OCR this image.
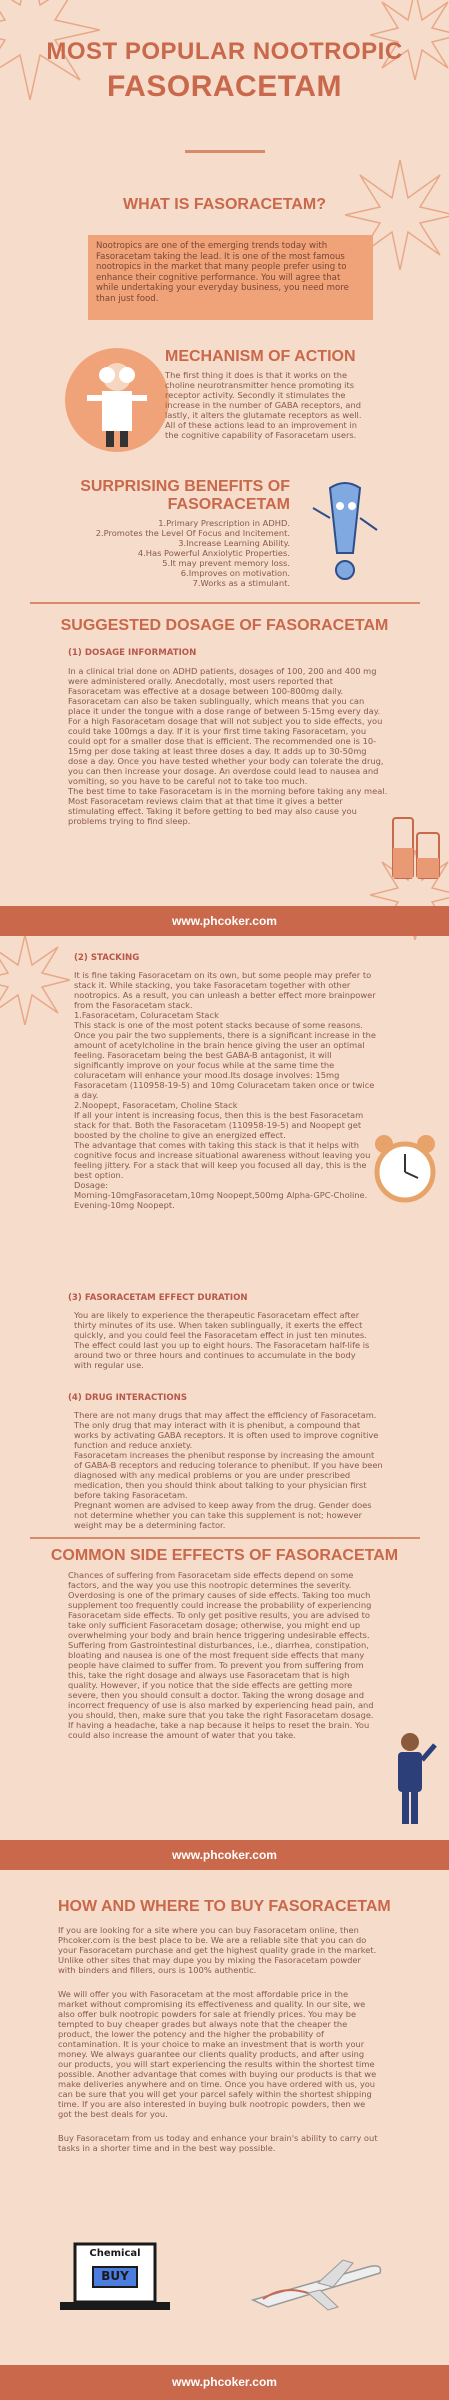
MOST POPULAR NOOTROPIC
FASORACETAM
WHAT IS FASORACETAM?
Nootropics are one of the emerging trends today with Fasoracetam taking the lead. It is one of the most famous nootropics in the market that many people prefer using to enhance their cognitive performance. You will agree that while undertaking your everyday business, you need more than just food.
MECHANISM OF ACTION
The first thing it does is that it works on the choline neurotransmitter hence promoting its receptor activity. Secondly it stimulates the increase in the number of GABA receptors, and lastly, it alters the glutamate receptors as well. All of these actions lead to an improvement in the cognitive capability of Fasoracetam users.
SURPRISING BENEFITS OF
FASORACETAM
1.Primary Prescription in ADHD.
2.Promotes the Level Of Focus and Incitement.
3.Increase Learning Ability.
4.Has Powerful Anxiolytic Properties.
5.It may prevent memory loss.
6.Improves on motivation.
7.Works as a stimulant.
SUGGESTED DOSAGE OF FASORACETAM
(1) DOSAGE INFORMATION

In a clinical trial done on ADHD patients, dosages of 100, 200 and 400 mg were administered orally. Anecdotally, most users reported that Fasoracetam was effective at a dosage between 100-800mg daily. Fasoracetam can also be taken sublingually, which means that you can place it under the tongue with a dose range of between 5-15mg every day.

For a high Fasoracetam dosage that will not subject you to side effects, you could take 100mgs a day. If it is your first time taking Fasoracetam, you could opt for a smaller dose that is efficient. The recommended one is 10-15mg per dose taking at least three doses a day. It adds up to 30-50mg dose a day. Once you have tested whether your body can tolerate the drug, you can then increase your dosage. An overdose could lead to nausea and vomiting, so you have to be careful not to take too much.

The best time to take Fasoracetam is in the morning before taking any meal. Most Fasoracetam reviews claim that at that time it gives a better stimulating effect. Taking it before getting to bed may also cause you problems trying to find sleep.

www.phcoker.com
(2) STACKING

It is fine taking Fasoracetam on its own, but some people may prefer to stack it. While stacking, you take Fasoracetam together with other nootropics. As a result, you can unleash a better effect more brainpower from the Fasoracetam stack.

1.Fasoracetam, Coluracetam Stack

This stack is one of the most potent stacks because of some reasons. Once you pair the two supplements, there is a significant increase in the amount of acetylcholine in the brain hence giving the user an optimal feeling. Fasoracetam being the best GABA-B antagonist, it will significantly improve on your focus while at the same time the coluracetam will enhance your mood.Its dosage involves: 15mg Fasoracetam (110958-19-5) and 10mg Coluracetam taken once or twice a day.

2.Noopept, Fasoracetam, Choline Stack

If all your intent is increasing focus, then this is the best Fasoracetam stack for that. Both the Fasoracetam (110958-19-5) and Noopept get boosted by the choline to give an energized effect.

The advantage that comes with taking this stack is that it helps with cognitive focus and increase situational awareness without leaving you feeling jittery. For a stack that will keep you focused all day, this is the best option.

Dosage:

Morning-10mgFasoracetam,10mg Noopept,500mg Alpha-GPC-Choline.

Evening-10mg Noopept.

(3) FASORACETAM EFFECT DURATION
You are likely to experience the therapeutic Fasoracetam effect after thirty minutes of its use. When taken sublingually, it exerts the effect quickly, and you could feel the Fasoracetam effect in just ten minutes. The effect could last you up to eight hours. The Fasoracetam half-life is around two or three hours and continues to accumulate in the body with regular use.
(4) DRUG INTERACTIONS

There are not many drugs that may affect the efficiency of Fasoracetam. The only drug that may interact with it is phenibut, a compound that works by activating GABA receptors. It is often used to improve cognitive function and reduce anxiety.

Fasoracetam increases the phenibut response by increasing the amount of GABA-B receptors and reducing tolerance to phenibut. If you have been diagnosed with any medical problems or you are under prescribed medication, then you should think about talking to your physician first before taking Fasoracetam.

Pregnant women are advised to keep away from the drug. Gender does not determine whether you can take this supplement is not; however weight may be a determining factor.

COMMON SIDE EFFECTS OF FASORACETAM
Chances of suffering from Fasoracetam side effects depend on some factors, and the way you use this nootropic determines the severity. Overdosing is one of the primary causes of side effects. Taking too much supplement too frequently could increase the probability of experiencing Fasoracetam side effects. To only get positive results, you are advised to take only sufficient Fasoracetam dosage; otherwise, you might end up overwhelming your body and brain hence triggering undesirable effects. Suffering from Gastrointestinal disturbances, i.e., diarrhea, constipation, bloating and nausea is one of the most frequent side effects that many people have claimed to suffer from. To prevent you from suffering from this, take the right dosage and always use Fasoracetam that is high quality. However, if you notice that the side effects are getting more severe, then you should consult a doctor. Taking the wrong dosage and incorrect frequency of use is also marked by experiencing head pain, and you should, then, make sure that you take the right Fasoracetam dosage. If having a headache, take a nap because it helps to reset the brain. You could also increase the amount of water that you take.
www.phcoker.com
HOW AND WHERE TO BUY FASORACETAM

If you are looking for a site where you can buy Fasoracetam online, then Phcoker.com is the best place to be. We are a reliable site that you can do your Fasoracetam purchase and get the highest quality grade in the market. Unlike other sites that may dupe you by mixing the Fasoracetam powder with binders and fillers, ours is 100% authentic.

We will offer you with Fasoracetam at the most affordable price in the market without compromising its effectiveness and quality. In our site, we also offer bulk nootropic powders for sale at friendly prices. You may be tempted to buy cheaper grades but always note that the cheaper the product, the lower the potency and the higher the probability of contamination. It is your choice to make an investment that is worth your money. We always guarantee our clients quality products, and after using our products, you will start experiencing the results within the shortest time possible. Another advantage that comes with buying our products is that we make deliveries anywhere and on time. Once you have ordered with us, you can be sure that you will get your parcel safely within the shortest shipping time. If you are also interested in buying bulk nootropic powders, then we got the best deals for you.

Buy Fasoracetam from us today and enhance your brain's ability to carry out tasks in a shorter time and in the best way possible.

Chemical
BUY
www.phcoker.com
